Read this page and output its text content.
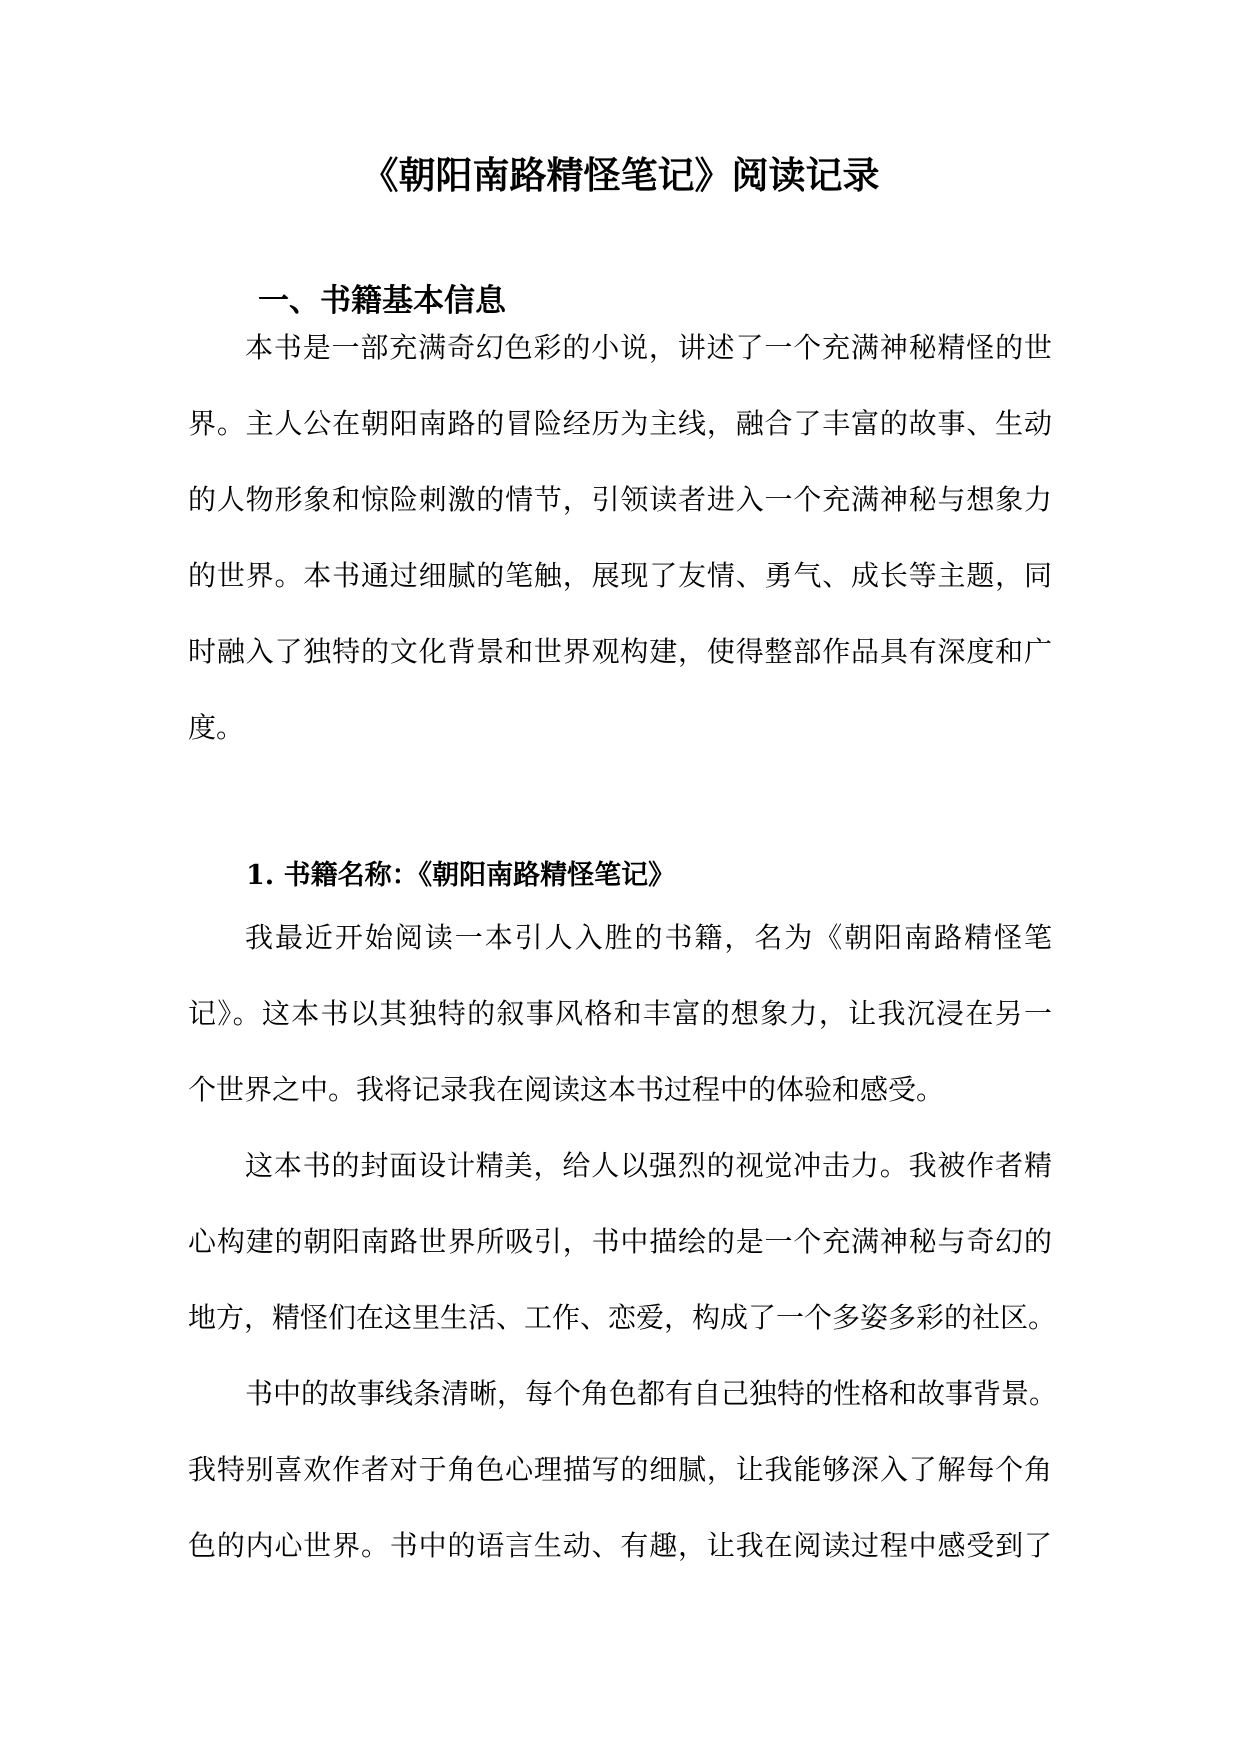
《朝阳南路精怪笔记》阅读记录
一、书籍基本信息
本书是一部充满奇幻色彩的小说，讲述了一个充满神秘精怪的世
界。主人公在朝阳南路的冒险经历为主线，融合了丰富的故事、生动
的人物形象和惊险刺激的情节，引领读者进入一个充满神秘与想象力
的世界。本书通过细腻的笔触，展现了友情、勇气、成长等主题，同
时融入了独特的文化背景和世界观构建，使得整部作品具有深度和广
度。
1. 书籍名称：《朝阳南路精怪笔记》
我最近开始阅读一本引人入胜的书籍，名为《朝阳南路精怪笔
记》。这本书以其独特的叙事风格和丰富的想象力，让我沉浸在另一
个世界之中。我将记录我在阅读这本书过程中的体验和感受。
这本书的封面设计精美，给人以强烈的视觉冲击力。我被作者精
心构建的朝阳南路世界所吸引，书中描绘的是一个充满神秘与奇幻的
地方，精怪们在这里生活、工作、恋爱，构成了一个多姿多彩的社区。
书中的故事线条清晰，每个角色都有自己独特的性格和故事背景。
我特别喜欢作者对于角色心理描写的细腻，让我能够深入了解每个角
色的内心世界。书中的语言生动、有趣，让我在阅读过程中感受到了
